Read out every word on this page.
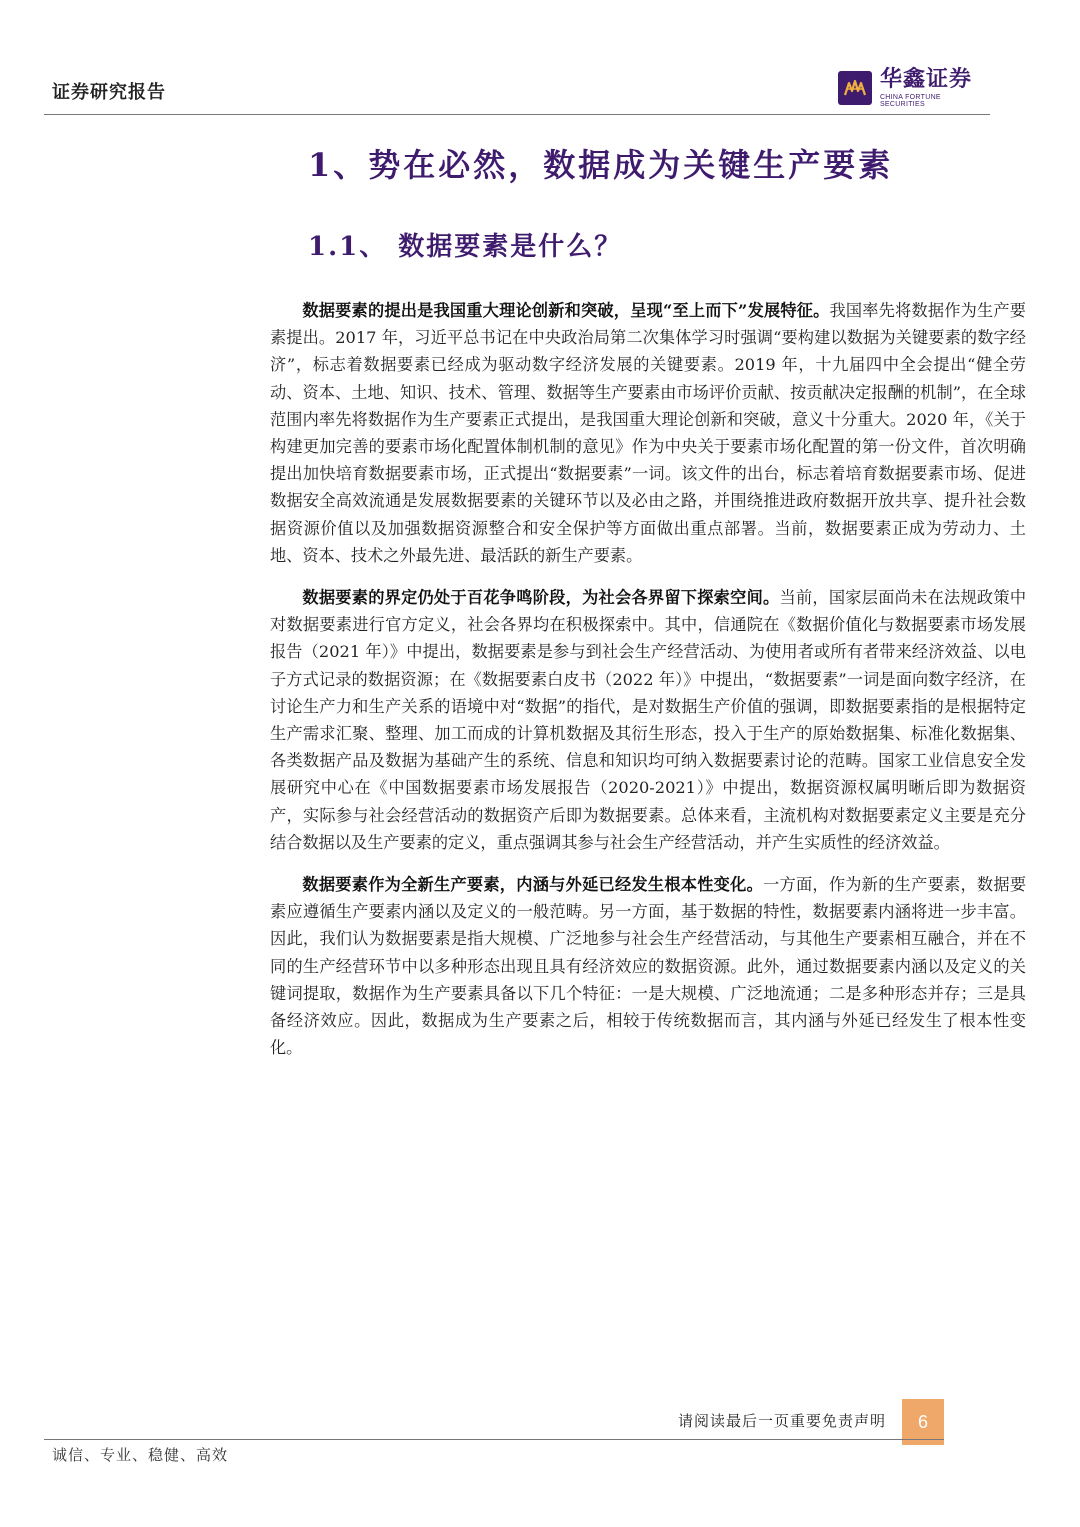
证券研究报告
华鑫证券
CHINA FORTUNE SECURITIES
1、势在必然，数据成为关键生产要素
1.1、 数据要素是什么？

数据要素的提出是我国重大理论创新和突破，呈现“至上而下”发展特征。我国率先将数据作为生产要素提出。2017 年，习近平总书记在中央政治局第二次集体学习时强调“要构建以数据为关键要素的数字经济”，标志着数据要素已经成为驱动数字经济发展的关键要素。2019 年，十九届四中全会提出“健全劳动、资本、土地、知识、技术、管理、数据等生产要素由市场评价贡献、按贡献决定报酬的机制”，在全球范围内率先将数据作为生产要素正式提出，是我国重大理论创新和突破，意义十分重大。2020 年，《关于构建更加完善的要素市场化配置体制机制的意见》作为中央关于要素市场化配置的第一份文件，首次明确提出加快培育数据要素市场，正式提出“数据要素”一词。该文件的出台，标志着培育数据要素市场、促进数据安全高效流通是发展数据要素的关键环节以及必由之路，并围绕推进政府数据开放共享、提升社会数据资源价值以及加强数据资源整合和安全保护等方面做出重点部署。当前，数据要素正成为劳动力、土地、资本、技术之外最先进、最活跃的新生产要素。

数据要素的界定仍处于百花争鸣阶段，为社会各界留下探索空间。当前，国家层面尚未在法规政策中对数据要素进行官方定义，社会各界均在积极探索中。其中，信通院在《数据价值化与数据要素市场发展报告（2021 年）》中提出，数据要素是参与到社会生产经营活动、为使用者或所有者带来经济效益、以电子方式记录的数据资源；在《数据要素白皮书（2022 年）》中提出，“数据要素”一词是面向数字经济，在讨论生产力和生产关系的语境中对“数据”的指代，是对数据生产价值的强调，即数据要素指的是根据特定生产需求汇聚、整理、加工而成的计算机数据及其衍生形态，投入于生产的原始数据集、标准化数据集、各类数据产品及数据为基础产生的系统、信息和知识均可纳入数据要素讨论的范畴。国家工业信息安全发展研究中心在《中国数据要素市场发展报告（2020-2021）》中提出，数据资源权属明晰后即为数据资产，实际参与社会经营活动的数据资产后即为数据要素。总体来看，主流机构对数据要素定义主要是充分结合数据以及生产要素的定义，重点强调其参与社会生产经营活动，并产生实质性的经济效益。

数据要素作为全新生产要素，内涵与外延已经发生根本性变化。一方面，作为新的生产要素，数据要素应遵循生产要素内涵以及定义的一般范畴。另一方面，基于数据的特性，数据要素内涵将进一步丰富。因此，我们认为数据要素是指大规模、广泛地参与社会生产经营活动，与其他生产要素相互融合，并在不同的生产经营环节中以多种形态出现且具有经济效应的数据资源。此外，通过数据要素内涵以及定义的关键词提取，数据作为生产要素具备以下几个特征：一是大规模、广泛地流通；二是多种形态并存；三是具备经济效应。因此，数据成为生产要素之后，相较于传统数据而言，其内涵与外延已经发生了根本性变化。

请阅读最后一页重要免责声明	6
诚信、专业、稳健、高效
